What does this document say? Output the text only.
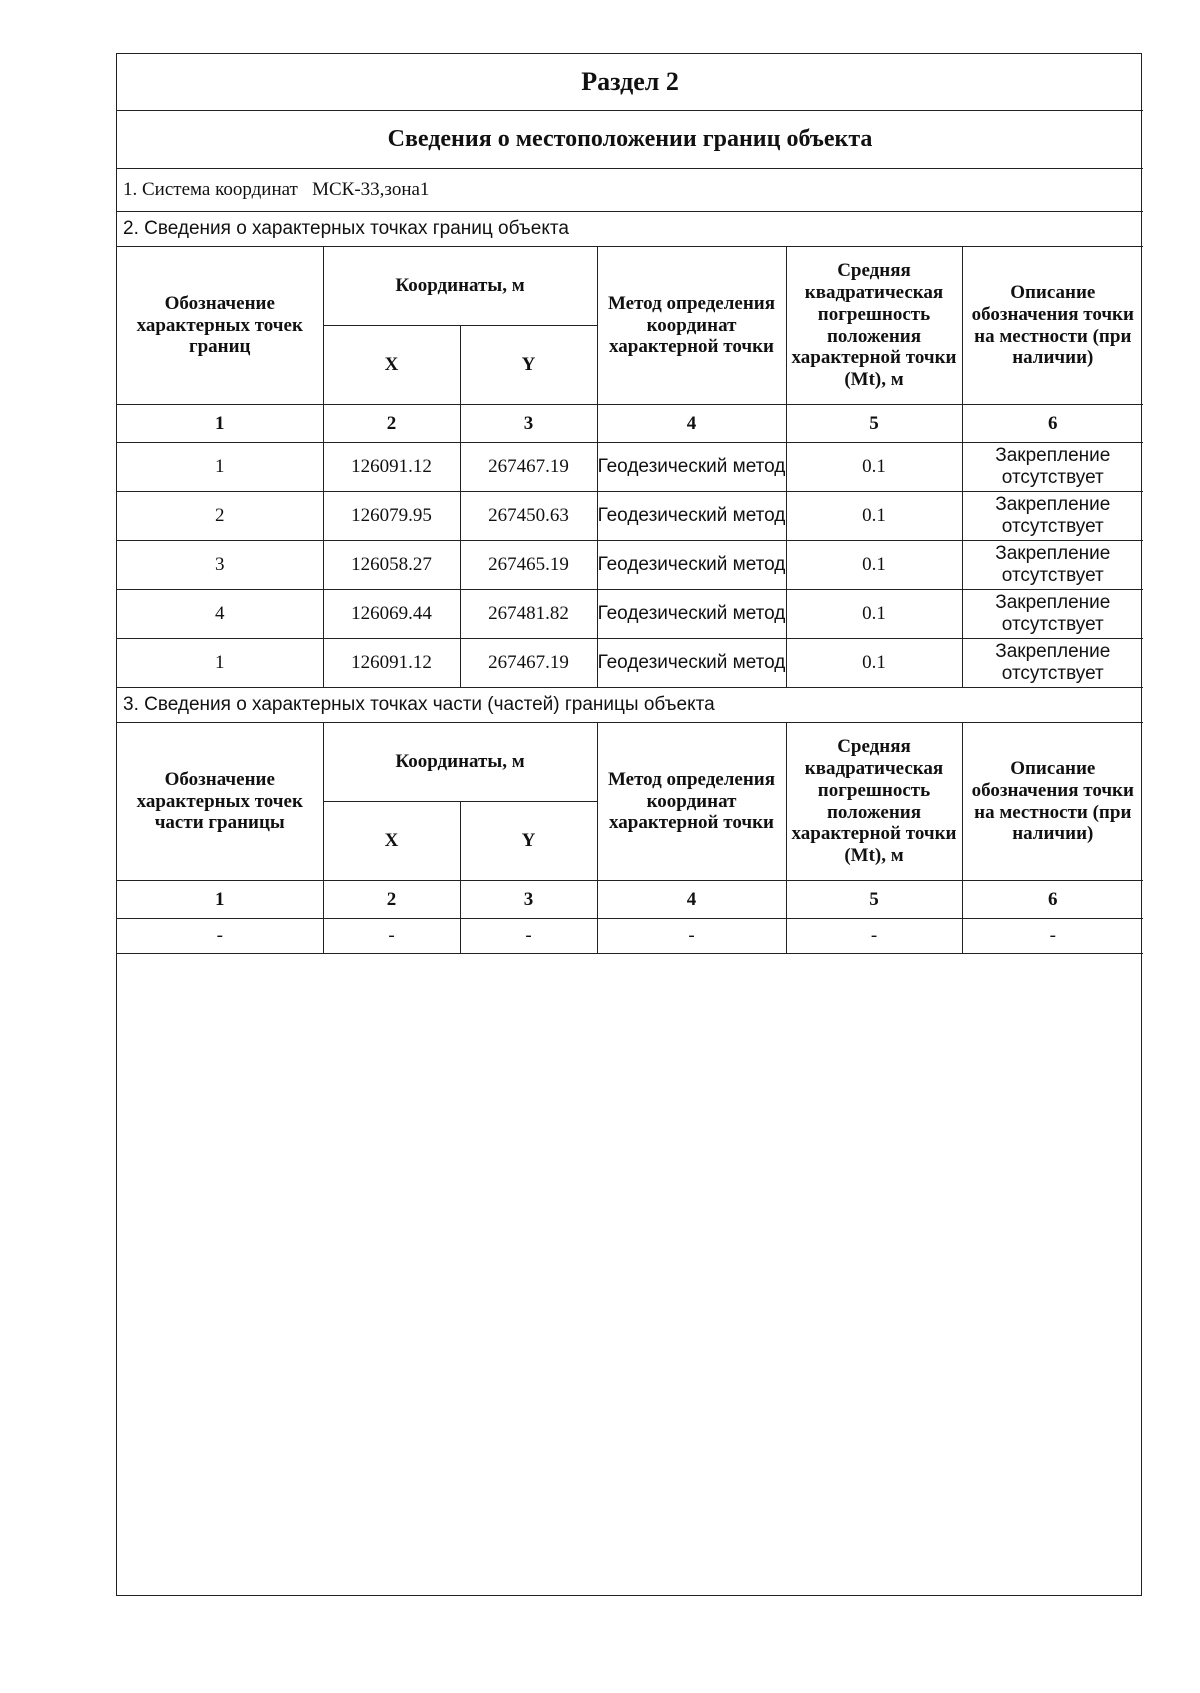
Раздел 2					
Сведения о местоположении границ объекта					
1. Система координат МСК-33,зона1					
2. Сведения о характерных точках границ объекта					
Обозначение характерных точек границ	Координаты, м		Метод определения координат характерной точки	Средняя квадратическая погрешность положения характерной точки (Mt), м	Описание обозначения точки на местности (при наличии)
	X	Y			
1	2	3	4	5	6
1	126091.12	267467.19	Геодезический метод	0.1	Закрепление отсутствует
2	126079.95	267450.63	Геодезический метод	0.1	Закрепление отсутствует
3	126058.27	267465.19	Геодезический метод	0.1	Закрепление отсутствует
4	126069.44	267481.82	Геодезический метод	0.1	Закрепление отсутствует
1	126091.12	267467.19	Геодезический метод	0.1	Закрепление отсутствует
3. Сведения о характерных точках части (частей) границы объекта					
Обозначение характерных точек части границы	Координаты, м		Метод определения координат характерной точки	Средняя квадратическая погрешность положения характерной точки (Mt), м	Описание обозначения точки на местности (при наличии)
	X	Y			
1	2	3	4	5	6
-	-	-	-	-	-
